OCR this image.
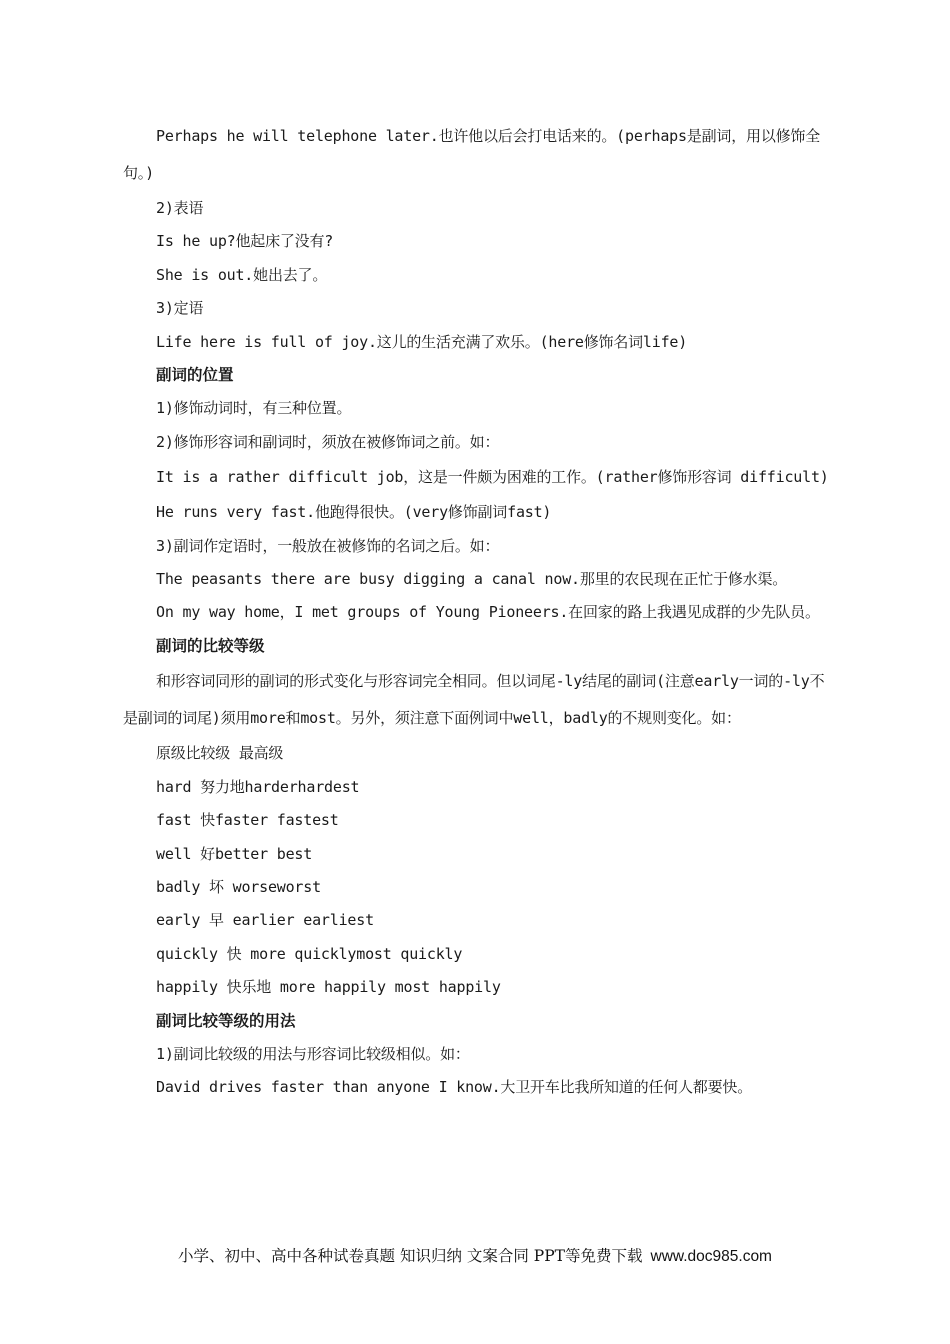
Perhaps he will telephone later.也许他以后会打电话来的。(perhaps是副词，用以修饰全句。)
2)表语
Is he up?他起床了没有?
She is out.她出去了。
3)定语
Life here is full of joy.这儿的生活充满了欢乐。(here修饰名词life)
副词的位置
1)修饰动词时，有三种位置。
2)修饰形容词和副词时，须放在被修饰词之前。如：
It is a rather difficult job，这是一件颇为困难的工作。(rather修饰形容词 difficult)
He runs very fast.他跑得很快。(very修饰副词fast)
3)副词作定语时，一般放在被修饰的名词之后。如：
The peasants there are busy digging a canal now.那里的农民现在正忙于修水渠。
On my way home，I met groups of Young Pioneers.在回家的路上我遇见成群的少先队员。
副词的比较等级
和形容词同形的副词的形式变化与形容词完全相同。但以词尾-ly结尾的副词(注意early一词的-ly不是副词的词尾)须用more和most。另外，须注意下面例词中well，badly的不规则变化。如：
原级比较级 最高级
hard 努力地harderhardest
fast 快faster fastest
well 好better best
badly 坏 worseworst
early 早 earlier earliest
quickly 快 more quicklymost quickly
happily 快乐地 more happily most happily
副词比较等级的用法
1)副词比较级的用法与形容词比较级相似。如：
David drives faster than anyone I know.大卫开车比我所知道的任何人都要快。
小学、初中、高中各种试卷真题 知识归纳 文案合同 PPT等免费下载 www.doc985.com
